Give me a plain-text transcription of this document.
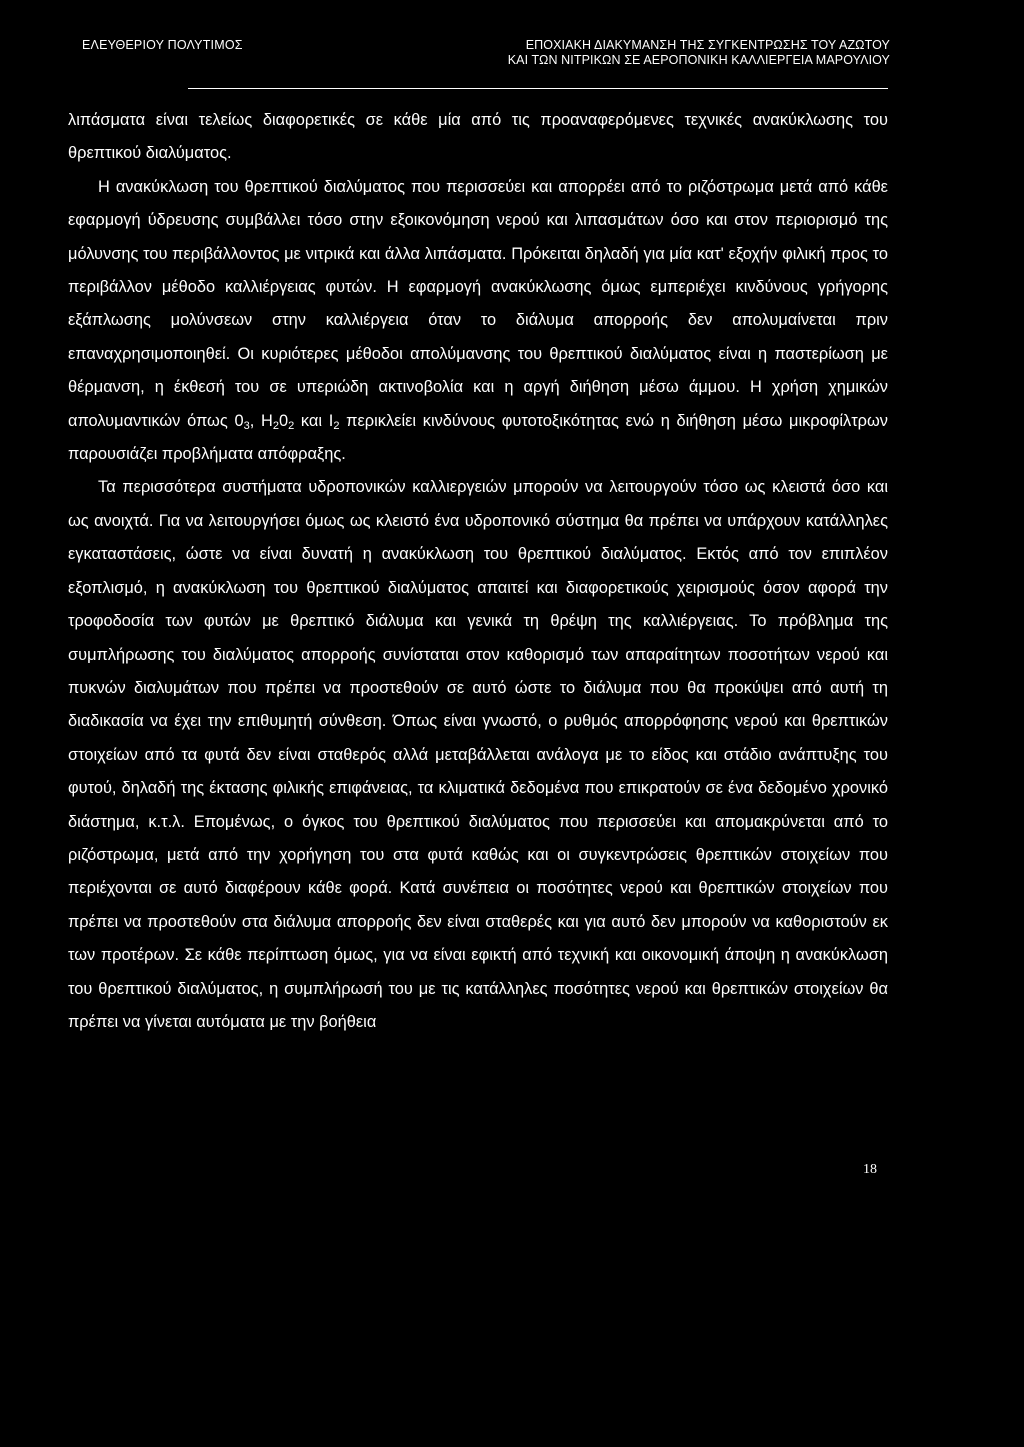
ΕΛΕΥΘΕΡΙΟΥ ΠΟΛΥΤΙΜΟΣ	ΕΠΟΧΙΑΚΗ ΔΙΑΚΥΜΑΝΣΗ ΤΗΣ ΣΥΓΚΕΝΤΡΩΣΗΣ ΤΟΥ ΑΖΩΤΟΥ
ΚΑΙ ΤΩΝ ΝΙΤΡΙΚΩΝ ΣΕ ΑΕΡΟΠΟΝΙΚΗ ΚΑΛΛΙΕΡΓΕΙΑ ΜΑΡΟΥΛΙΟΥ

λιπάσματα είναι τελείως διαφορετικές σε κάθε μία από τις προαναφερόμενες τεχνικές ανακύκλωσης του θρεπτικού διαλύματος.

Η ανακύκλωση του θρεπτικού διαλύματος που περισσεύει και απορρέει από το ριζόστρωμα μετά από κάθε εφαρμογή ύδρευσης συμβάλλει τόσο στην εξοικονόμηση νερού και λιπασμάτων όσο και στον περιορισμό της μόλυνσης του περιβάλλοντος με νιτρικά και άλλα λιπάσματα. Πρόκειται δηλαδή για μία κατ' εξοχήν φιλική προς το περιβάλλον μέθοδο καλλιέργειας φυτών. Η εφαρμογή ανακύκλωσης όμως εμπεριέχει κινδύνους γρήγορης εξάπλωσης μολύνσεων στην καλλιέργεια όταν το διάλυμα απορροής δεν απολυμαίνεται πριν επαναχρησιμοποιηθεί. Οι κυριότερες μέθοδοι απολύμανσης του θρεπτικού διαλύματος είναι η παστερίωση με θέρμανση, η έκθεσή του σε υπεριώδη ακτινοβολία και η αργή διήθηση μέσω άμμου. Η χρήση χημικών απολυμαντικών όπως $0_3$, $H_20_2$ και $I_2$ περικλείει κινδύνους φυτοτοξικότητας ενώ η διήθηση μέσω μικροφίλτρων παρουσιάζει προβλήματα απόφραξης.

Τα περισσότερα συστήματα υδροπονικών καλλιεργειών μπορούν να λειτουργούν τόσο ως κλειστά όσο και ως ανοιχτά. Για να λειτουργήσει όμως ως κλειστό ένα υδροπονικό σύστημα θα πρέπει να υπάρχουν κατάλληλες εγκαταστάσεις, ώστε να είναι δυνατή η ανακύκλωση του θρεπτικού διαλύματος. Εκτός από τον επιπλέον εξοπλισμό, η ανακύκλωση του θρεπτικού διαλύματος απαιτεί και διαφορετικούς χειρισμούς όσον αφορά την τροφοδοσία των φυτών με θρεπτικό διάλυμα και γενικά τη θρέψη της καλλιέργειας. Το πρόβλημα της συμπλήρωσης του διαλύματος απορροής συνίσταται στον καθορισμό των απαραίτητων ποσοτήτων νερού και πυκνών διαλυμάτων που πρέπει να προστεθούν σε αυτό ώστε το διάλυμα που θα προκύψει από αυτή τη διαδικασία να έχει την επιθυμητή σύνθεση. Όπως είναι γνωστό, ο ρυθμός απορρόφησης νερού και θρεπτικών στοιχείων από τα φυτά δεν είναι σταθερός αλλά μεταβάλλεται ανάλογα με το είδος και στάδιο ανάπτυξης του φυτού, δηλαδή της έκτασης φιλικής επιφάνειας, τα κλιματικά δεδομένα που επικρατούν σε ένα δεδομένο χρονικό διάστημα, κ.τ.λ. Επομένως, ο όγκος του θρεπτικού διαλύματος που περισσεύει και απομακρύνεται από το ριζόστρωμα, μετά από την χορήγηση του στα φυτά καθώς και οι συγκεντρώσεις θρεπτικών στοιχείων που περιέχονται σε αυτό διαφέρουν κάθε φορά. Κατά συνέπεια οι ποσότητες νερού και θρεπτικών στοιχείων που πρέπει να προστεθούν στα διάλυμα απορροής δεν είναι σταθερές και για αυτό δεν μπορούν να καθοριστούν εκ των προτέρων. Σε κάθε περίπτωση όμως, για να είναι εφικτή από τεχνική και οικονομική άποψη η ανακύκλωση του θρεπτικού διαλύματος, η συμπλήρωσή του με τις κατάλληλες ποσότητες νερού και θρεπτικών στοιχείων θα πρέπει να γίνεται αυτόματα με την βοήθεια

18
